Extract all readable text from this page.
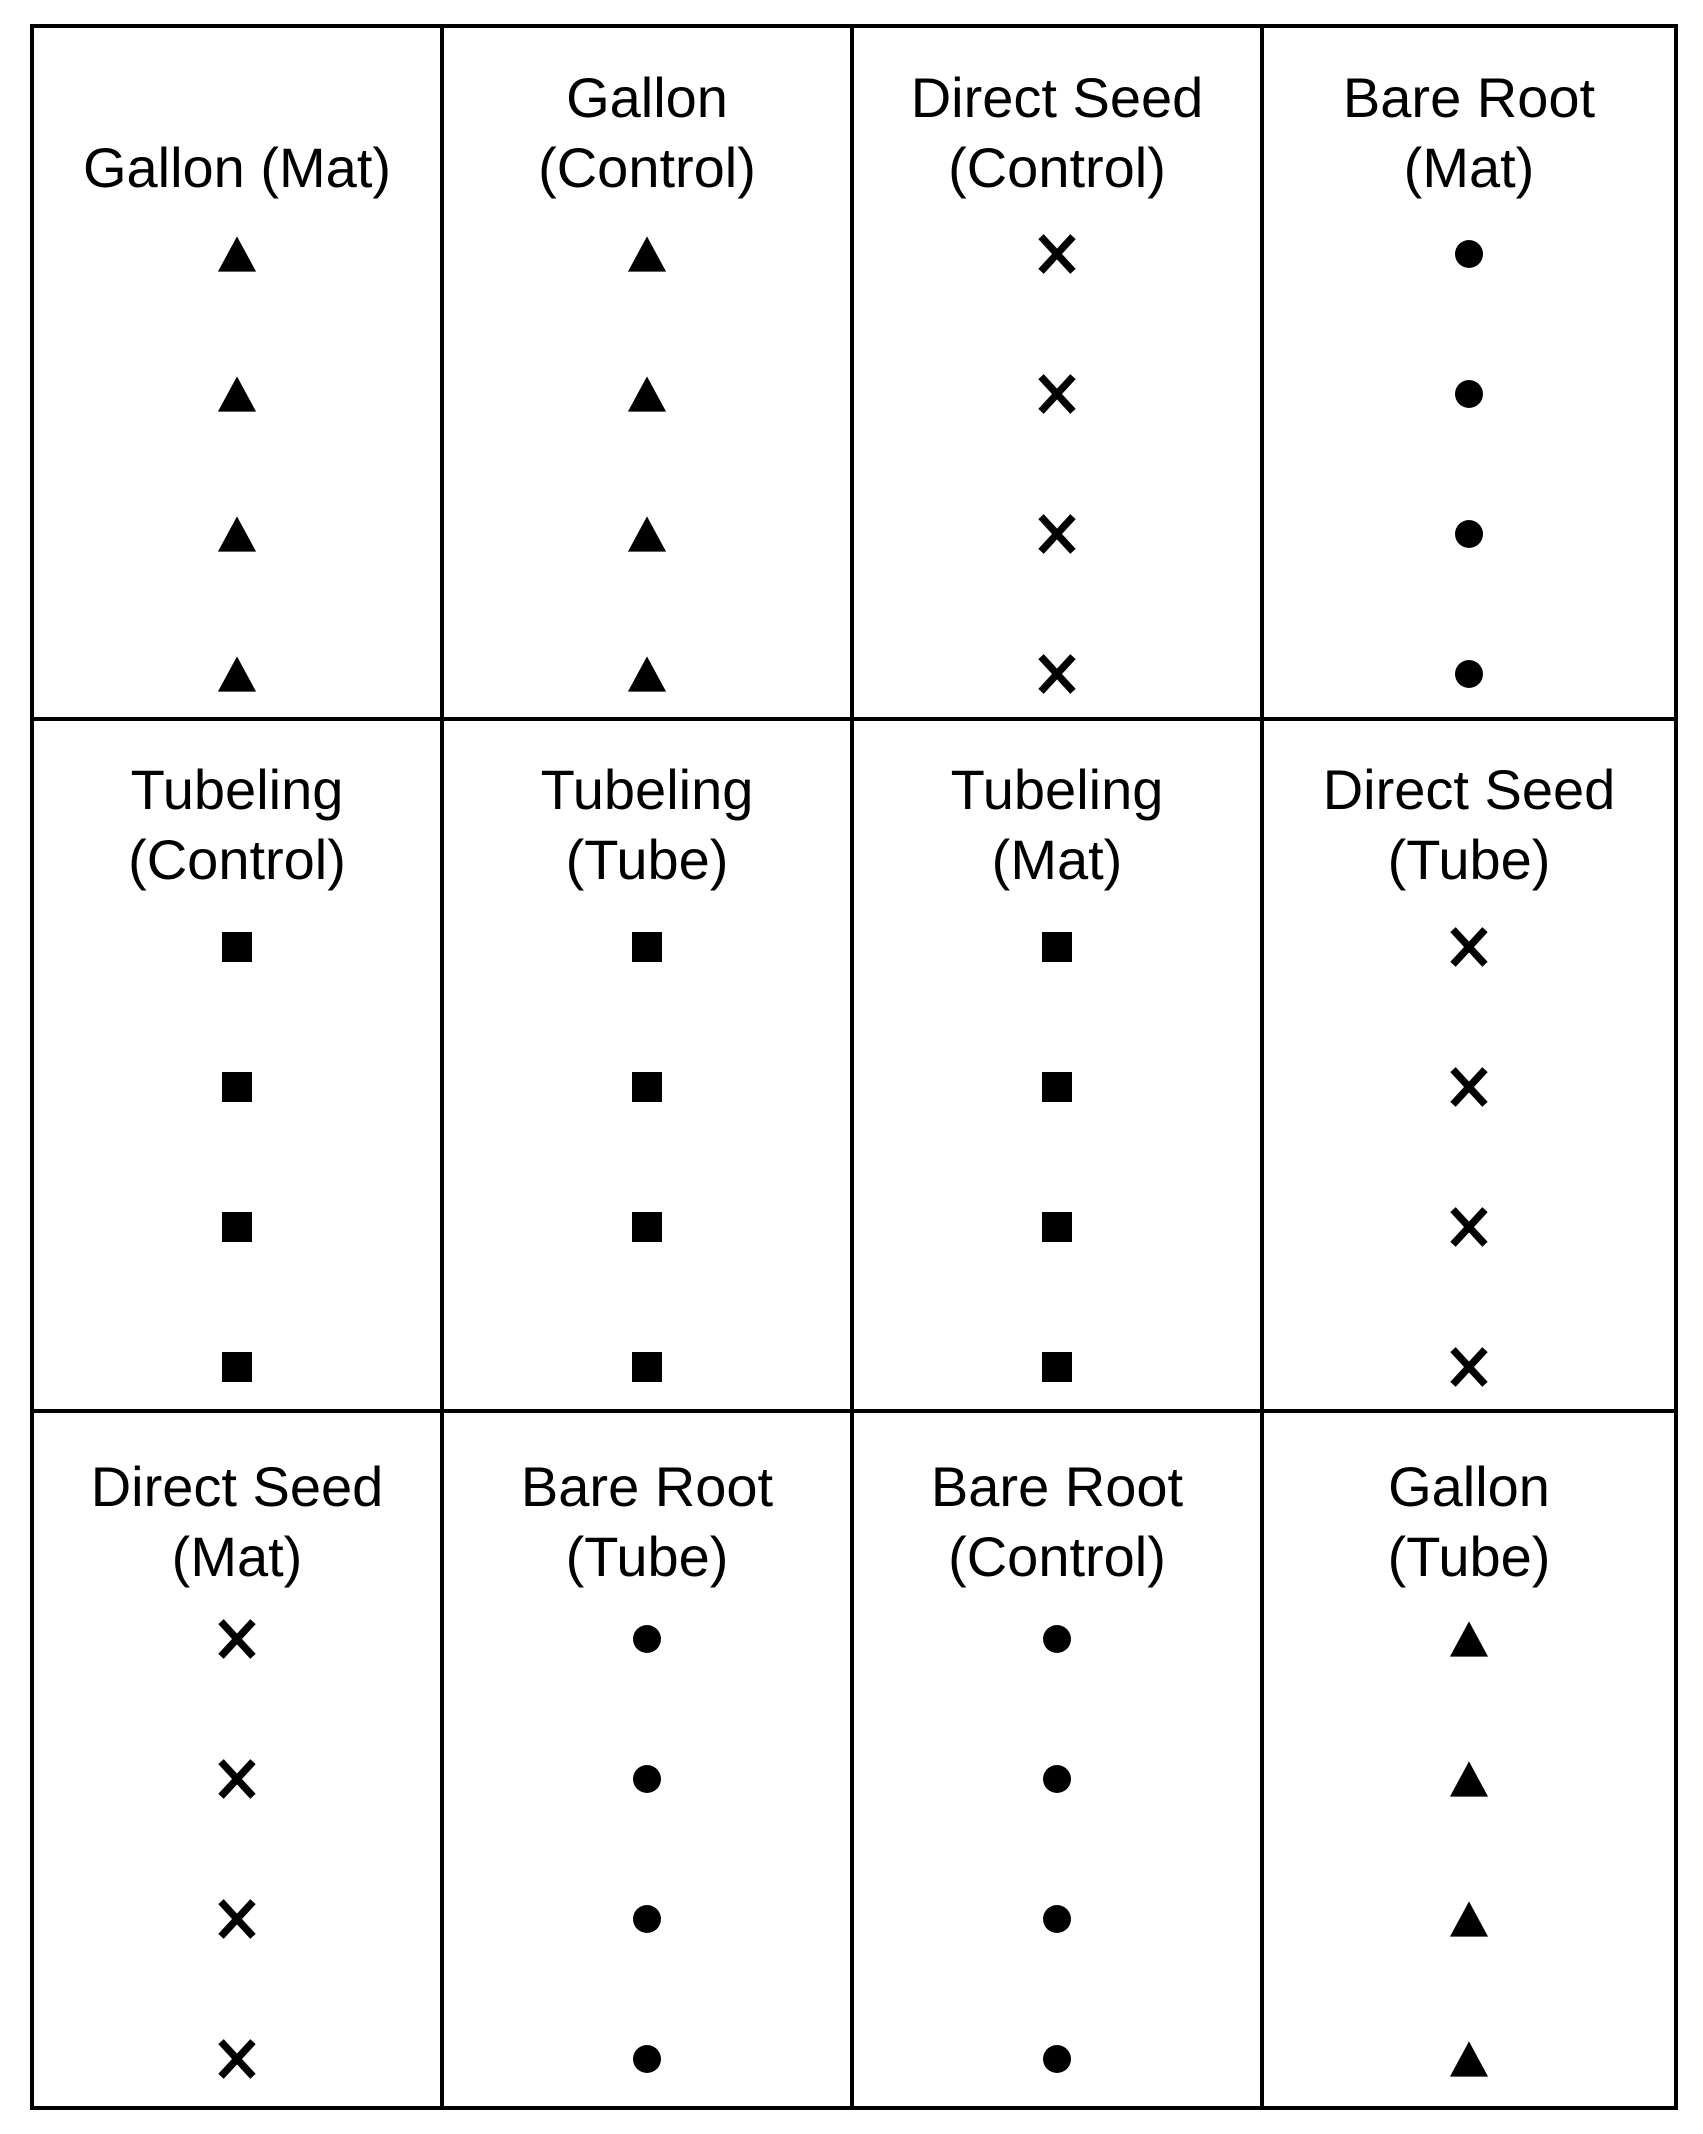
Gallon (Mat)
Gallon
(Control)
Direct Seed
(Control)
Bare Root
(Mat)
Tubeling
(Control)
Tubeling
(Tube)
Tubeling
(Mat)
Direct Seed
(Tube)
Direct Seed
(Mat)
Bare Root
(Tube)
Bare Root
(Control)
Gallon
(Tube)
